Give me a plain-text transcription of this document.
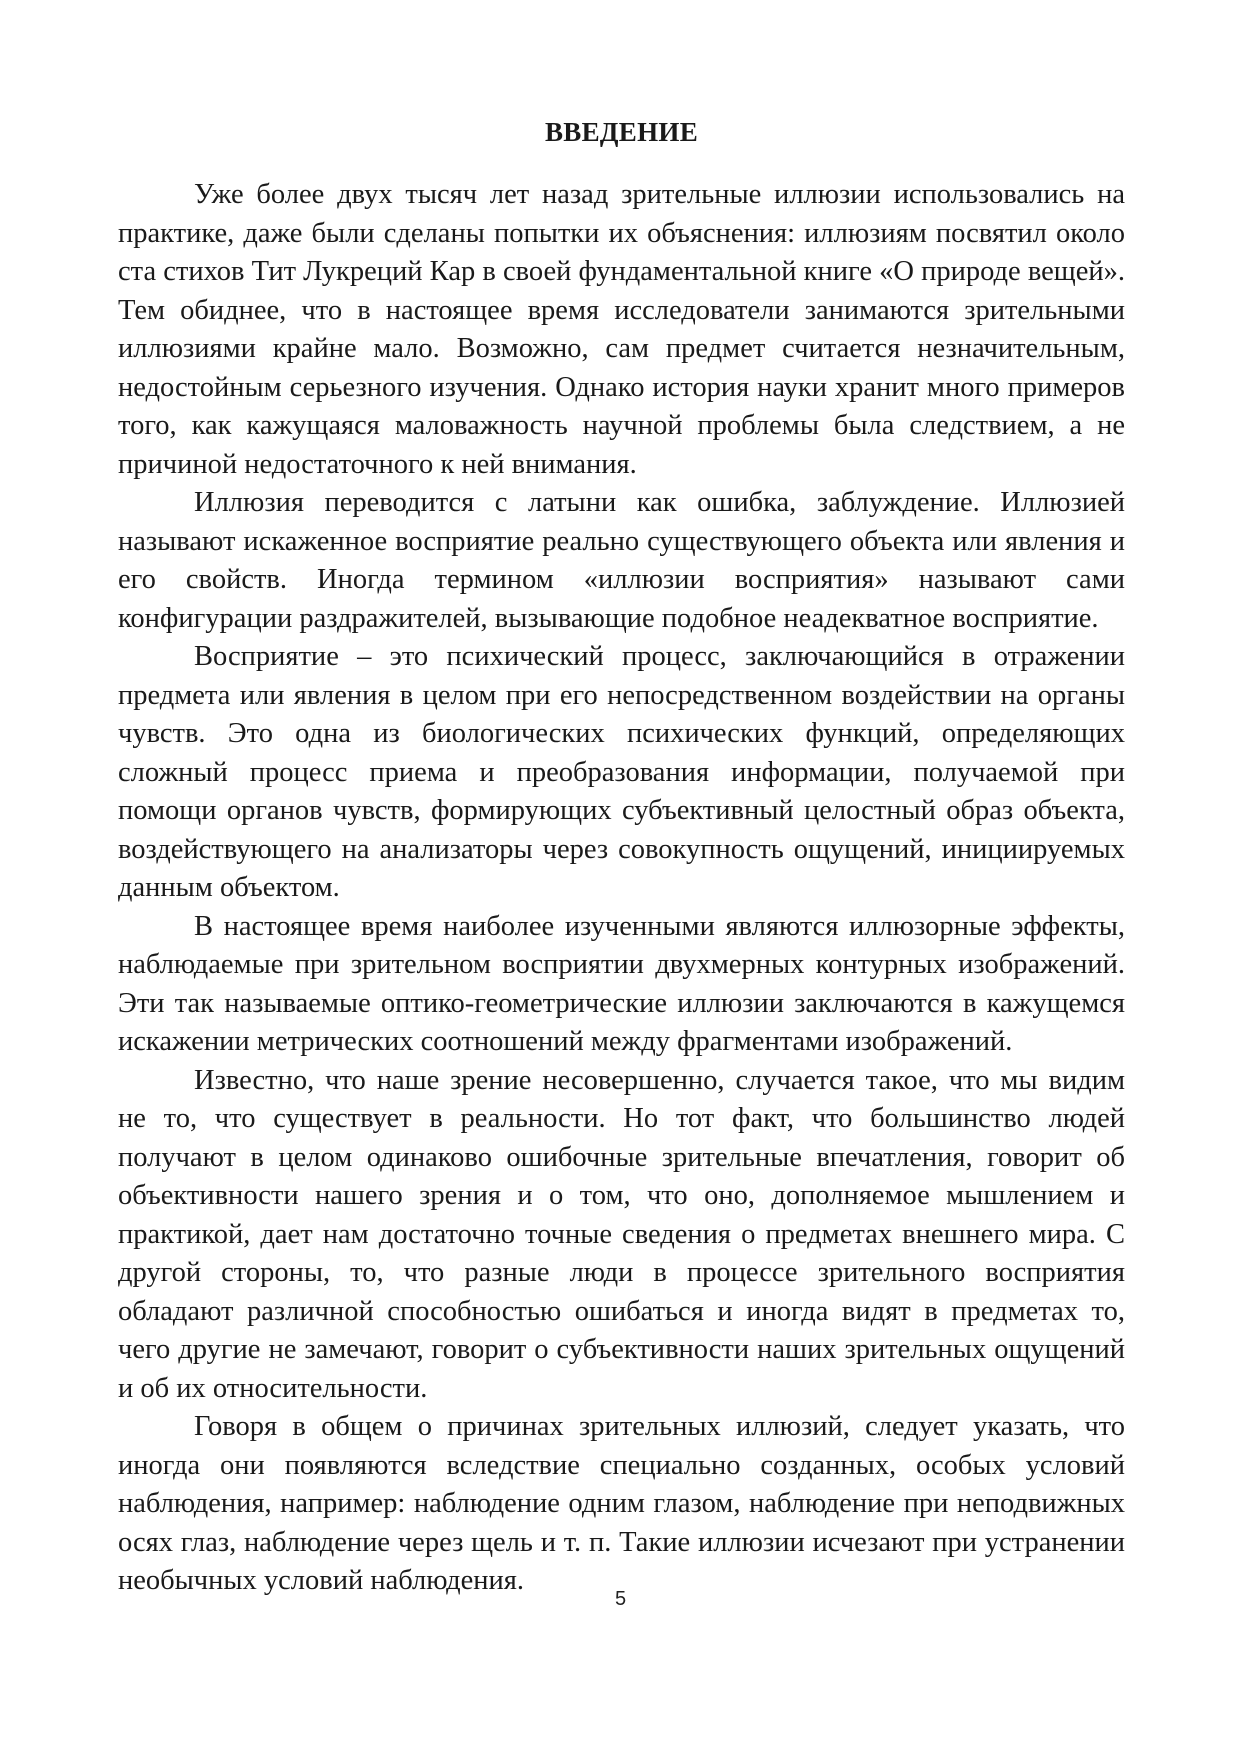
ВВЕДЕНИЕ

Уже более двух тысяч лет назад зрительные иллюзии использовались на практике, даже были сделаны попытки их объяснения: иллюзиям посвятил около ста стихов Тит Лукреций Кар в своей фундаментальной книге «О природе вещей». Тем обиднее, что в настоящее время исследователи занимаются зрительными иллюзиями крайне мало. Возможно, сам предмет считается незначительным, недостойным серьезного изучения. Однако история науки хранит много примеров того, как кажущаяся маловажность научной проблемы была следствием, а не причиной недостаточного к ней внимания.

Иллюзия переводится с латыни как ошибка, заблуждение. Иллюзией называют искаженное восприятие реально существующего объекта или явления и его свойств. Иногда термином «иллюзии восприятия» называют сами конфигурации раздражителей, вызывающие подобное неадекватное восприятие.

Восприятие – это психический процесс, заключающийся в отражении предмета или явления в целом при его непосредственном воздействии на органы чувств. Это одна из биологических психических функций, определяющих сложный процесс приема и преобразования информации, получаемой при помощи органов чувств, формирующих субъективный целостный образ объекта, воздействующего на анализаторы через совокупность ощущений, инициируемых данным объектом.

В настоящее время наиболее изученными являются иллюзорные эффекты, наблюдаемые при зрительном восприятии двухмерных контурных изображений. Эти так называемые оптико-геометрические иллюзии заключаются в кажущемся искажении метрических соотношений между фрагментами изображений.

Известно, что наше зрение несовершенно, случается такое, что мы видим не то, что существует в реальности. Но тот факт, что большинство людей получают в целом одинаково ошибочные зрительные впечатления, говорит об объективности нашего зрения и о том, что оно, дополняемое мышлением и практикой, дает нам достаточно точные сведения о предметах внешнего мира. С другой стороны, то, что разные люди в процессе зрительного восприятия обладают различной способностью ошибаться и иногда видят в предметах то, чего другие не замечают, говорит о субъективности наших зрительных ощущений и об их относительности.

Говоря в общем о причинах зрительных иллюзий, следует указать, что иногда они появляются вследствие специально созданных, особых условий наблюдения, например: наблюдение одним глазом, наблюдение при неподвижных осях глаз, наблюдение через щель и т. п. Такие иллюзии исчезают при устранении необычных условий наблюдения.

5
